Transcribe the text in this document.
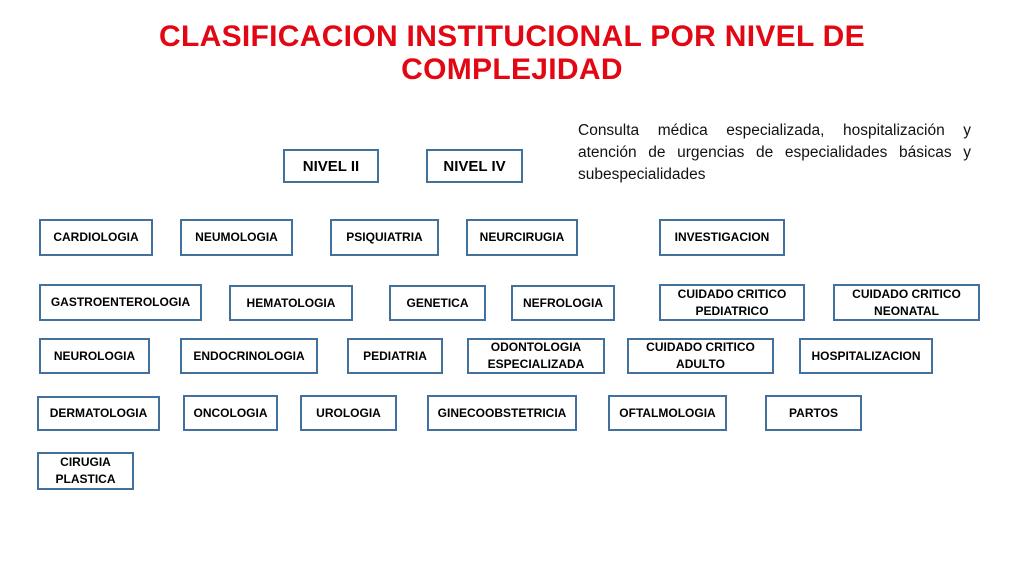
CLASIFICACION INSTITUCIONAL POR NIVEL DE COMPLEJIDAD
Consulta médica especializada, hospitalización y atención de urgencias de especialidades básicas y subespecialidades
NIVEL II	NIVEL IV
CARDIOLOGIA	NEUMOLOGIA	PSIQUIATRIA	NEURCIRUGIA	INVESTIGACION
GASTROENTEROLOGIA	HEMATOLOGIA	GENETICA	NEFROLOGIA
CUIDADO CRITICO PEDIATRICO
CUIDADO CRITICO NEONATAL
NEUROLOGIA	ENDOCRINOLOGIA	PEDIATRIA
ODONTOLOGIA ESPECIALIZADA
CUIDADO CRITICO ADULTO
HOSPITALIZACION
DERMATOLOGIA	ONCOLOGIA	UROLOGIA	GINECOOBSTETRICIA	OFTALMOLOGIA	PARTOS
CIRUGIA PLASTICA
